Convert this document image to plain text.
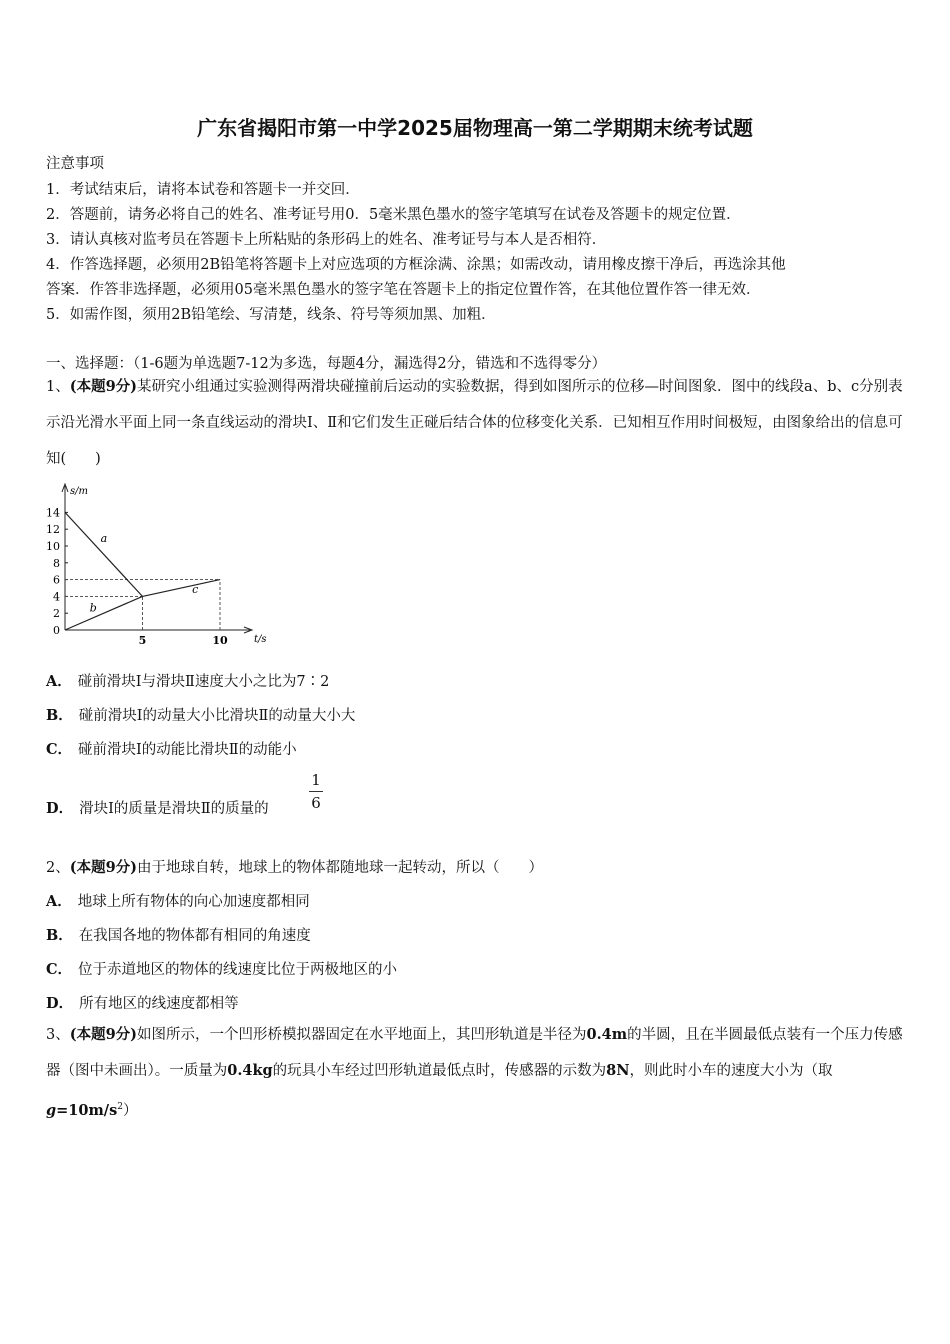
广东省揭阳市第一中学2025届物理高一第二学期期末统考试题
注意事项
1．考试结束后，请将本试卷和答题卡一并交回．
2．答题前，请务必将自己的姓名、准考证号用0．5毫米黑色墨水的签字笔填写在试卷及答题卡的规定位置．
3．请认真核对监考员在答题卡上所粘贴的条形码上的姓名、准考证号与本人是否相符．
4．作答选择题，必须用2B铅笔将答题卡上对应选项的方框涂满、涂黑；如需改动，请用橡皮擦干净后，再选涂其他
答案．作答非选择题，必须用05毫米黑色墨水的签字笔在答题卡上的指定位置作答，在其他位置作答一律无效．
5．如需作图，须用2B铅笔绘、写清楚，线条、符号等须加黑、加粗．
一、选择题：（1-6题为单选题7-12为多选，每题4分，漏选得2分，错选和不选得零分）
1、(本题9分)某研究小组通过实验测得两滑块碰撞前后运动的实验数据，得到如图所示的位移—时间图象．图中的线段a、b、c分别表示沿光滑水平面上同一条直线运动的滑块Ⅰ、Ⅱ和它们发生正碰后结合体的位移变化关系．已知相互作用时间极短，由图象给出的信息可知(　　)
s/m
t/s
0
2
4
6
8
10
12
14
5	10
a
b
c
A． 碰前滑块Ⅰ与滑块Ⅱ速度大小之比为7∶2
B． 碰前滑块Ⅰ的动量大小比滑块Ⅱ的动量大小大
C． 碰前滑块Ⅰ的动能比滑块Ⅱ的动能小
D． 滑块Ⅰ的质量是滑块Ⅱ的质量的
1
6
2、(本题9分)由于地球自转，地球上的物体都随地球一起转动，所以（　　）
A． 地球上所有物体的向心加速度都相同
B． 在我国各地的物体都有相同的角速度
C． 位于赤道地区的物体的线速度比位于两极地区的小
D． 所有地区的线速度都相等
3、(本题9分)如图所示，一个凹形桥模拟器固定在水平地面上，其凹形轨道是半径为0.4m的半圆，且在半圆最低点装有一个压力传感器（图中未画出）。一质量为0.4kg的玩具小车经过凹形轨道最低点时，传感器的示数为8N，则此时小车的速度大小为（取$g=10m/s^2$）
